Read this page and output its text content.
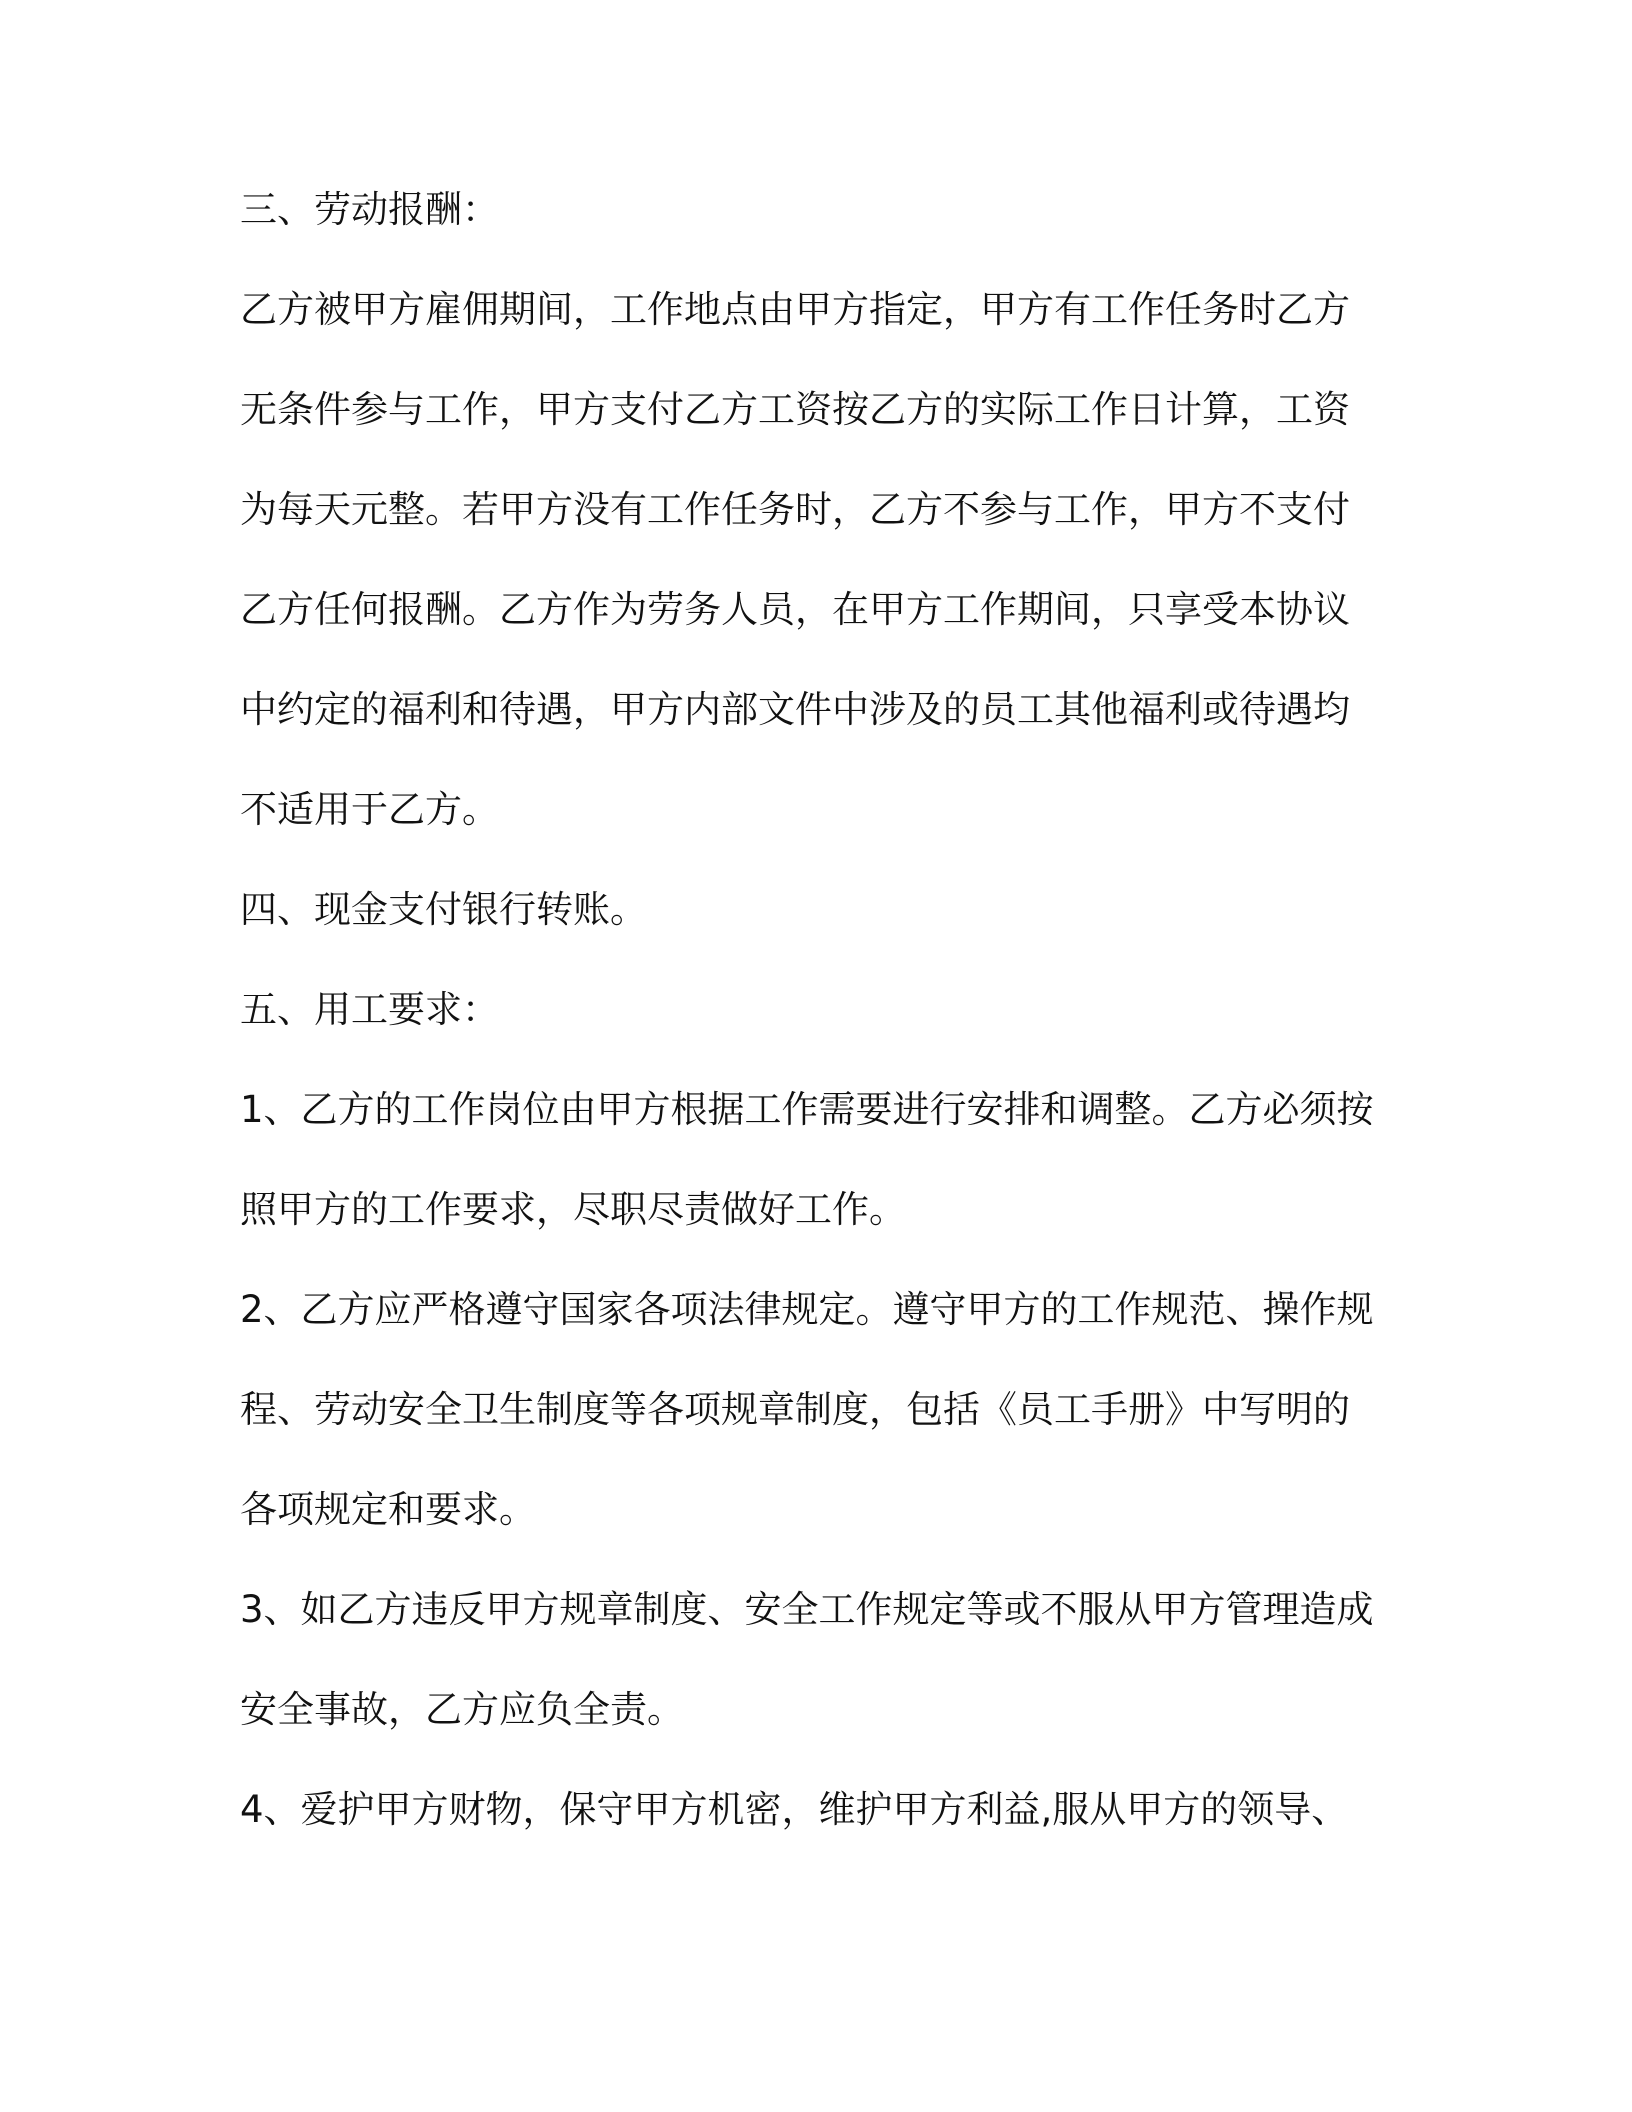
三、劳动报酬：
乙方被甲方雇佣期间，工作地点由甲方指定，甲方有工作任务时乙方
无条件参与工作，甲方支付乙方工资按乙方的实际工作日计算，工资
为每天元整。若甲方没有工作任务时，乙方不参与工作，甲方不支付
乙方任何报酬。乙方作为劳务人员，在甲方工作期间，只享受本协议
中约定的福利和待遇，甲方内部文件中涉及的员工其他福利或待遇均
不适用于乙方。
四、现金支付银行转账。
五、用工要求：
1、乙方的工作岗位由甲方根据工作需要进行安排和调整。乙方必须按
照甲方的工作要求，尽职尽责做好工作。
2、乙方应严格遵守国家各项法律规定。遵守甲方的工作规范、操作规
程、劳动安全卫生制度等各项规章制度，包括《员工手册》中写明的
各项规定和要求。
3、如乙方违反甲方规章制度、安全工作规定等或不服从甲方管理造成
安全事故，乙方应负全责。
4、爱护甲方财物，保守甲方机密，维护甲方利益,服从甲方的领导、
